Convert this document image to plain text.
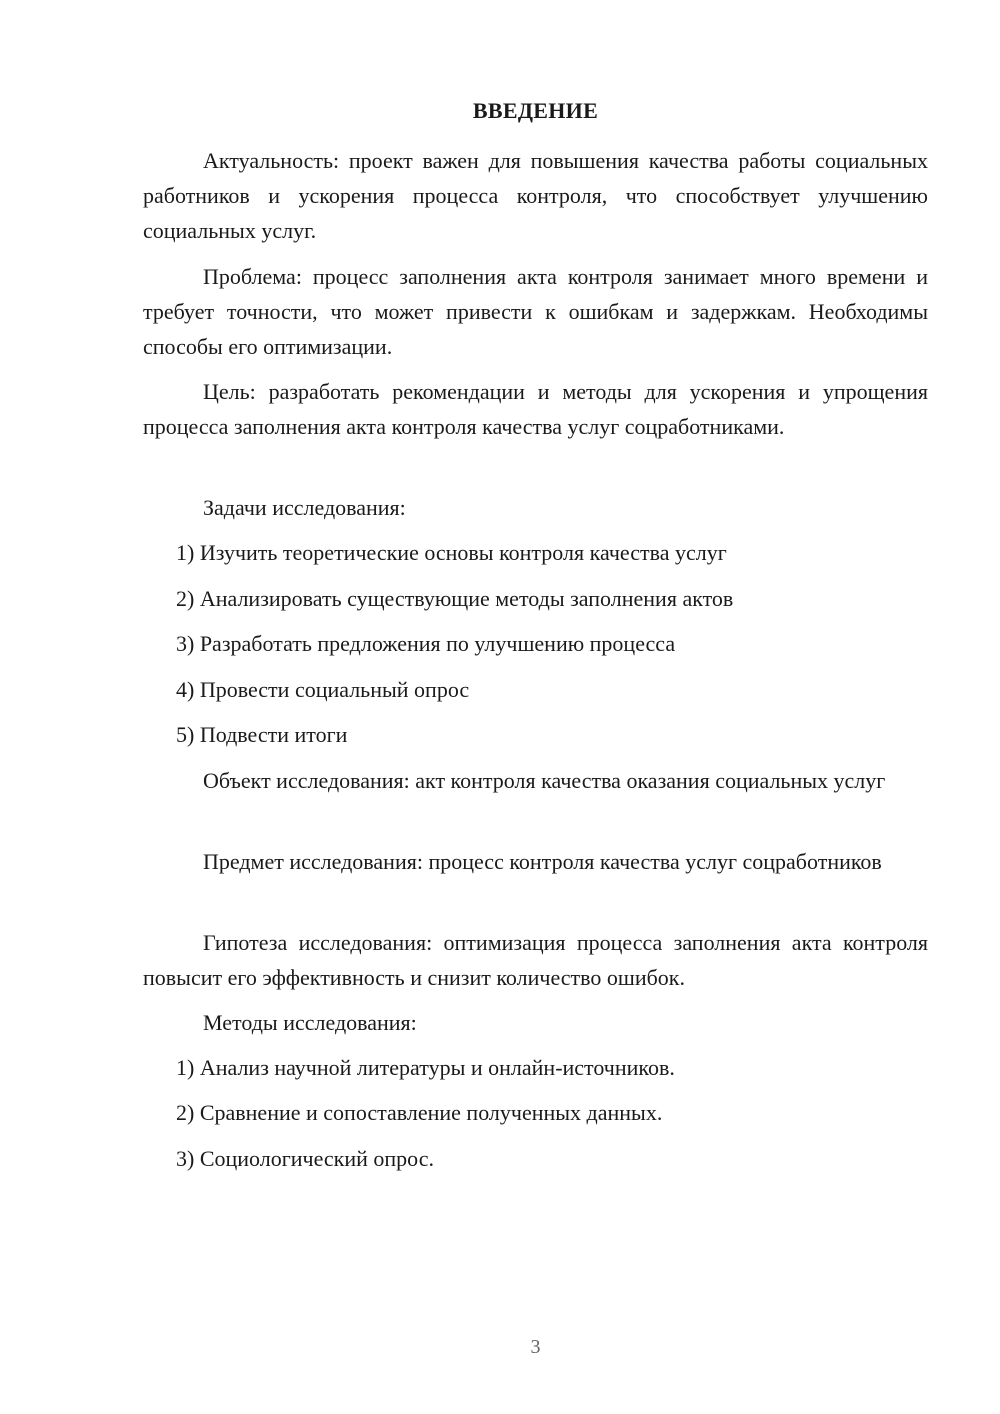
ВВЕДЕНИЕ

Актуальность: проект важен для повышения качества работы социальных работников и ускорения процесса контроля, что способствует улучшению социальных услуг.

Проблема: процесс заполнения акта контроля занимает много времени и требует точности, что может привести к ошибкам и задержкам. Необходимы способы его оптимизации.

Цель: разработать рекомендации и методы для ускорения и упрощения процесса заполнения акта контроля качества услуг соцработниками.

Задачи исследования:

1) Изучить теоретические основы контроля качества услуг

2) Анализировать существующие методы заполнения актов

3) Разработать предложения по улучшению процесса

4) Провести социальный опрос

5) Подвести итоги

Объект исследования: акт контроля качества оказания социальных услуг

Предмет исследования: процесс контроля качества услуг соцработников

Гипотеза исследования: оптимизация процесса заполнения акта контроля повысит его эффективность и снизит количество ошибок.

Методы исследования:

1) Анализ научной литературы и онлайн-источников.

2) Сравнение и сопоставление полученных данных.

3) Социологический опрос.

3
